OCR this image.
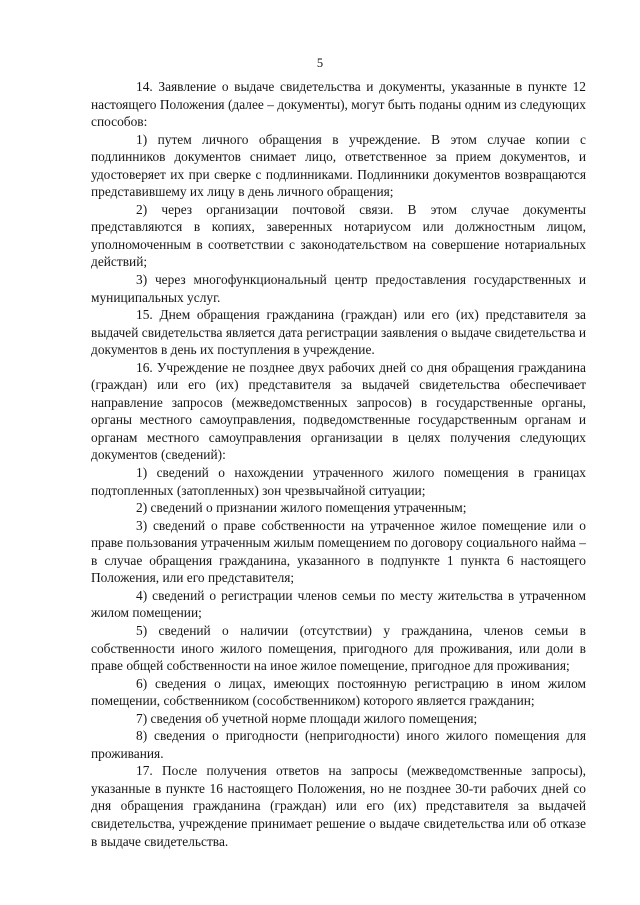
5

14. Заявление о выдаче свидетельства и документы, указанные в пункте 12 настоящего Положения (далее – документы), могут быть поданы одним из следующих способов:

1) путем личного обращения в учреждение. В этом случае копии с подлинников документов снимает лицо, ответственное за прием документов, и удостоверяет их при сверке с подлинниками. Подлинники документов возвращаются представившему их лицу в день личного обращения;

2) через организации почтовой связи. В этом случае документы представляются в копиях, заверенных нотариусом или должностным лицом, уполномоченным в соответствии с законодательством на совершение нотариальных действий;

3) через многофункциональный центр предоставления государственных и муниципальных услуг.

15. Днем обращения гражданина (граждан) или его (их) представителя за выдачей свидетельства является дата регистрации заявления о выдаче свидетельства и документов в день их поступления в учреждение.

16. Учреждение не позднее двух рабочих дней со дня обращения гражданина (граждан) или его (их) представителя за выдачей свидетельства обеспечивает направление запросов (межведомственных запросов) в государственные органы, органы местного самоуправления, подведомственные государственным органам и органам местного самоуправления организации в целях получения следующих документов (сведений):

1) сведений о нахождении утраченного жилого помещения в границах подтопленных (затопленных) зон чрезвычайной ситуации;

2) сведений о признании жилого помещения утраченным;

3) сведений о праве собственности на утраченное жилое помещение или о праве пользования утраченным жилым помещением по договору социального найма – в случае обращения гражданина, указанного в подпункте 1 пункта 6 настоящего Положения, или его представителя;

4) сведений о регистрации членов семьи по месту жительства в утраченном жилом помещении;

5) сведений о наличии (отсутствии) у гражданина, членов семьи в собственности иного жилого помещения, пригодного для проживания, или доли в праве общей собственности на иное жилое помещение, пригодное для проживания;

6) сведения о лицах, имеющих постоянную регистрацию в ином жилом помещении, собственником (сособственником) которого является гражданин;

7) сведения об учетной норме площади жилого помещения;

8) сведения о пригодности (непригодности) иного жилого помещения для проживания.

17. После получения ответов на запросы (межведомственные запросы), указанные в пункте 16 настоящего Положения, но не позднее 30-ти рабочих дней со дня обращения гражданина (граждан) или его (их) представителя за выдачей свидетельства, учреждение принимает решение о выдаче свидетельства или об отказе в выдаче свидетельства.
